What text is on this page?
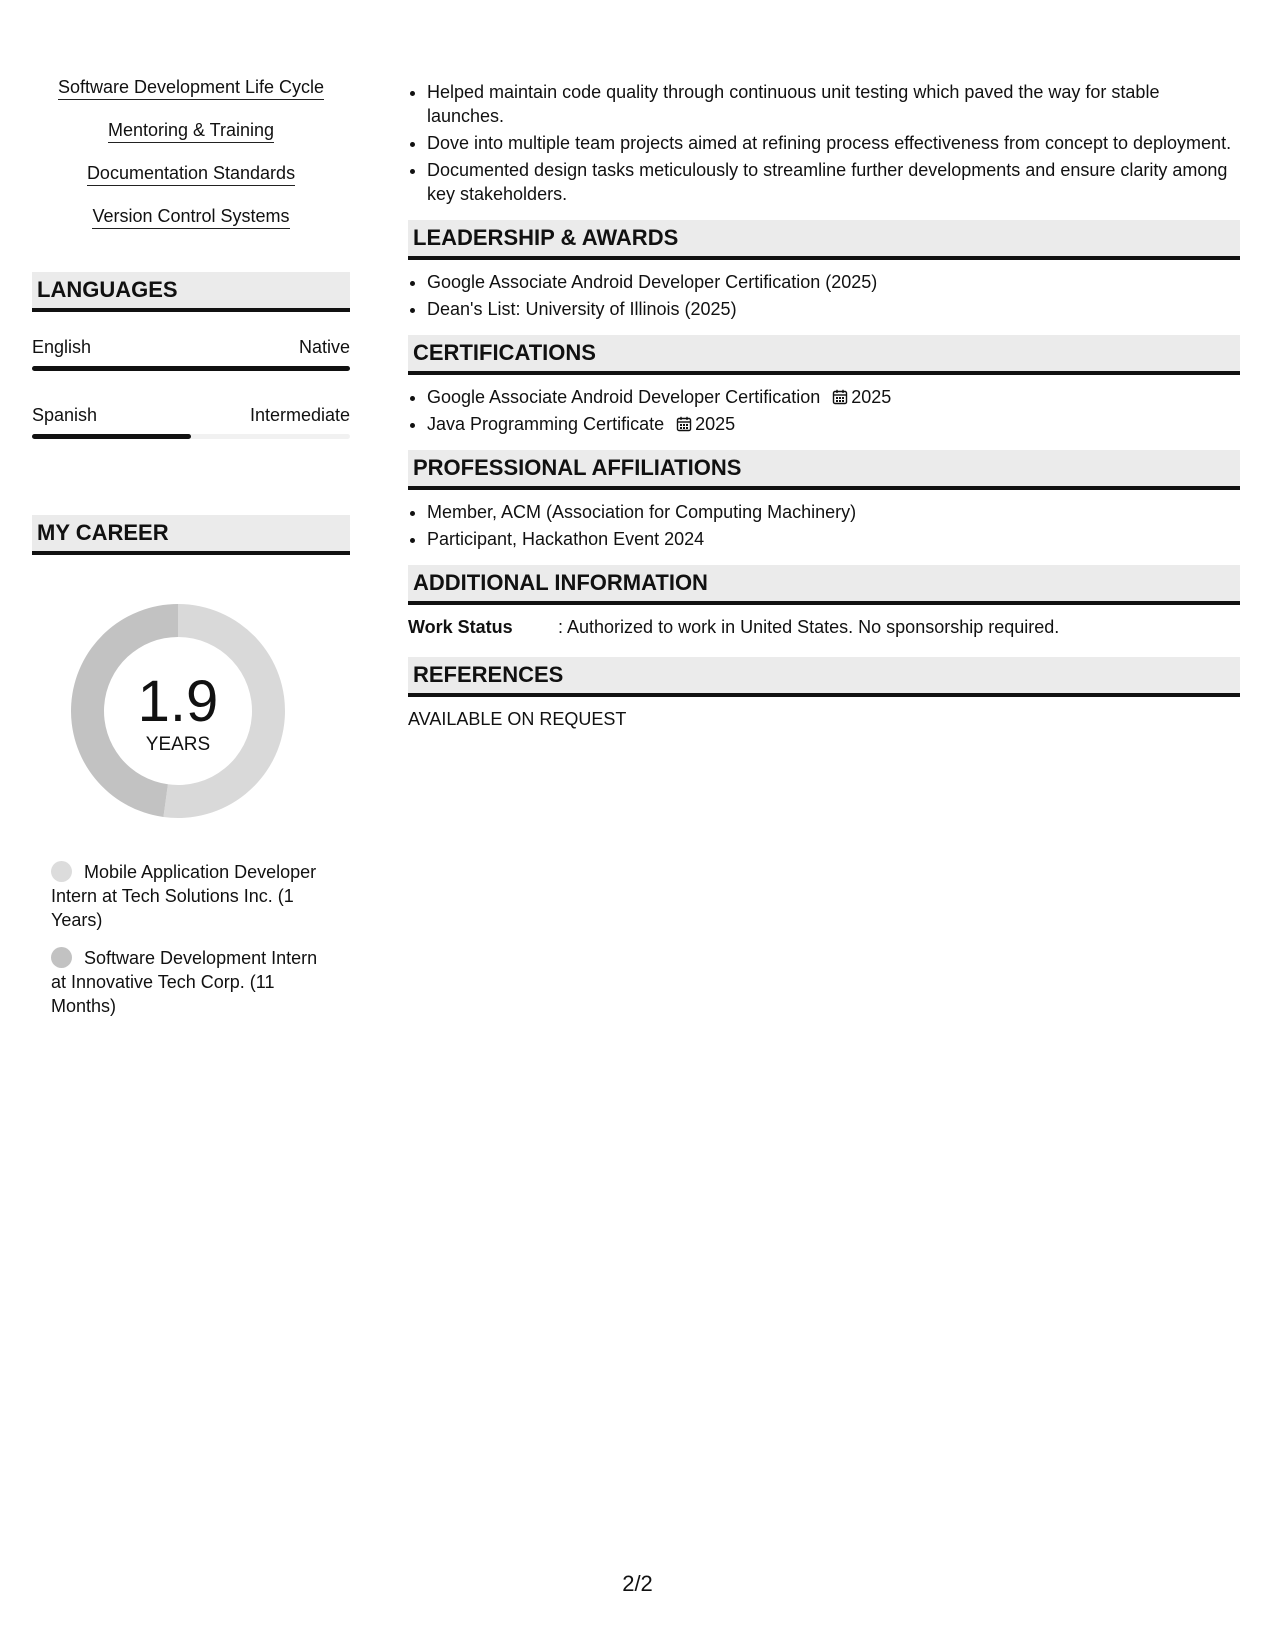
Software Development Life Cycle
Mentoring & Training
Documentation Standards
Version Control Systems
LANGUAGES
English	Native
Spanish	Intermediate
MY CAREER
1.9
YEARS
Mobile Application Developer Intern at Tech Solutions Inc. (1 Years)
Software Development Intern at Innovative Tech Corp. (11 Months)
• Helped maintain code quality through continuous unit testing which paved the way for stable launches.
• Dove into multiple team projects aimed at refining process effectiveness from concept to deployment.
• Documented design tasks meticulously to streamline further developments and ensure clarity among key stakeholders.
LEADERSHIP & AWARDS
• Google Associate Android Developer Certification (2025)
• Dean's List: University of Illinois (2025)
CERTIFICATIONS
• Google Associate Android Developer Certification 2025
• Java Programming Certificate 2025
PROFESSIONAL AFFILIATIONS
• Member, ACM (Association for Computing Machinery)
• Participant, Hackathon Event 2024
ADDITIONAL INFORMATION
Work Status	: Authorized to work in United States. No sponsorship required.
REFERENCES
AVAILABLE ON REQUEST
2/2
